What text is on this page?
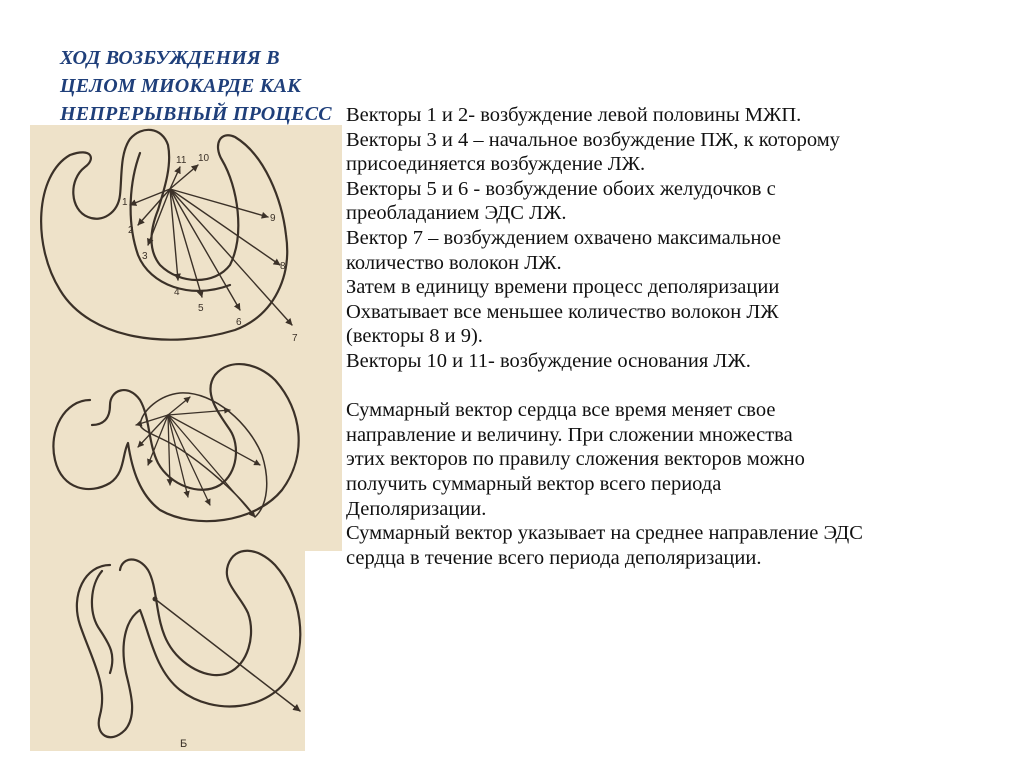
1
2
3
4
5
6
7
8
9
10
11
Б
ХОД ВОЗБУЖДЕНИЯ В
ЦЕЛОМ МИОКАРДЕ КАК
НЕПРЕРЫВНЫЙ ПРОЦЕСС Векторы 1 и 2- возбуждение левой половины МЖП.

Векторы 3 и 4 – начальное возбуждение ПЖ, к которому

присоединяется возбуждение ЛЖ.

Векторы 5 и 6 - возбуждение обоих желудочков с

преобладанием ЭДС ЛЖ.

Вектор 7 – возбуждением охвачено максимальное

количество волокон ЛЖ.

Затем в единицу времени процесс деполяризации

Охватывает все меньшее количество волокон ЛЖ

(векторы 8 и 9).

Векторы 10 и 11- возбуждение основания ЛЖ.

Суммарный вектор сердца все время меняет свое

направление и величину. При сложении множества

этих векторов по правилу сложения векторов можно

получить суммарный вектор всего периода

Деполяризации.

Суммарный вектор указывает на среднее направление ЭДС

сердца в течение всего периода деполяризации.
